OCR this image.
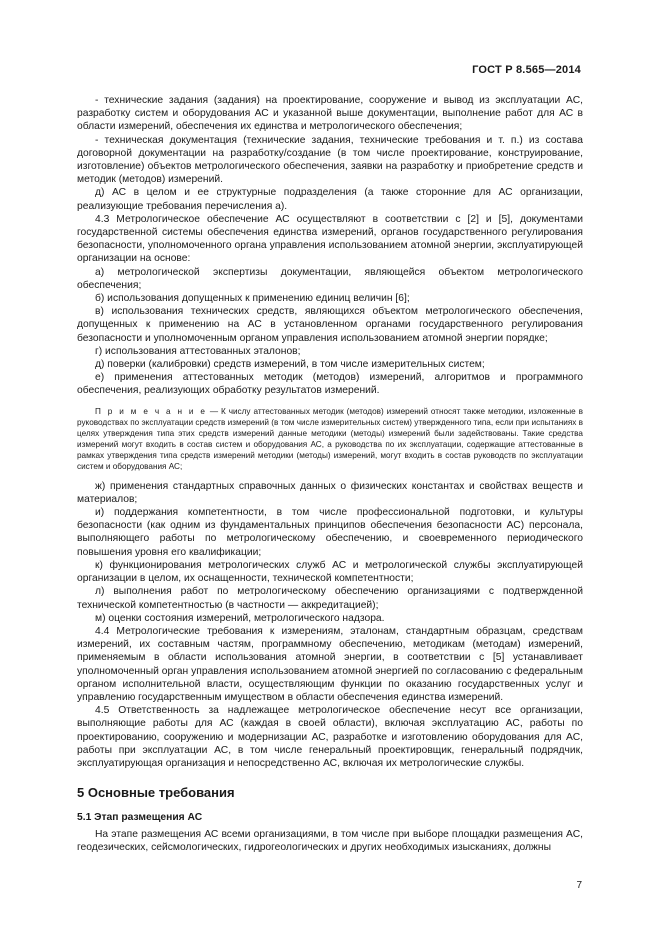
ГОСТ Р 8.565—2014

- технические задания (задания) на проектирование, сооружение и вывод из эксплуатации АС, разработку систем и оборудования АС и указанной выше документации, выполнение работ для АС в области измерений, обеспечения их единства и метрологического обеспечения;

- техническая документация (технические задания, технические требования и т. п.) из состава договорной документации на разработку/создание (в том числе проектирование, конструирование, изготовление) объектов метрологического обеспечения, заявки на разработку и приобретение средств и методик (методов) измерений.

д) АС в целом и ее структурные подразделения (а также сторонние для АС организации, реализующие требования перечисления а).

4.3 Метрологическое обеспечение АС осуществляют в соответствии с [2] и [5], документами государственной системы обеспечения единства измерений, органов государственного регулирования безопасности, уполномоченного органа управления использованием атомной энергии, эксплуатирующей организации на основе:

а) метрологической экспертизы документации, являющейся объектом метрологического обеспечения;

б) использования допущенных к применению единиц величин [6];

в) использования технических средств, являющихся объектом метрологического обеспечения, допущенных к применению на АС в установленном органами государственного регулирования безопасности и уполномоченным органом управления использованием атомной энергии порядке;

г) использования аттестованных эталонов;

д) поверки (калибровки) средств измерений, в том числе измерительных систем;

е) применения аттестованных методик (методов) измерений, алгоритмов и программного обеспечения, реализующих обработку результатов измерений.

П р и м е ч а н и е — К числу аттестованных методик (методов) измерений относят также методики, изложенные в руководствах по эксплуатации средств измерений (в том числе измерительных систем) утвержденного типа, если при испытаниях в целях утверждения типа этих средств измерений данные методики (методы) измерений были задействованы. Такие средства измерений могут входить в состав систем и оборудования АС, а руководства по их эксплуатации, содержащие аттестованные в рамках утверждения типа средств измерений методики (методы) измерений, могут входить в состав руководств по эксплуатации систем и оборудования АС;

ж) применения стандартных справочных данных о физических константах и свойствах веществ и материалов;

и) поддержания компетентности, в том числе профессиональной подготовки, и культуры безопасности (как одним из фундаментальных принципов обеспечения безопасности АС) персонала, выполняющего работы по метрологическому обеспечению, и своевременного периодического повышения уровня его квалификации;

к) функционирования метрологических служб АС и метрологической службы эксплуатирующей организации в целом, их оснащенности, технической компетентности;

л) выполнения работ по метрологическому обеспечению организациями с подтвержденной технической компетентностью (в частности — аккредитацией);

м) оценки состояния измерений, метрологического надзора.

4.4 Метрологические требования к измерениям, эталонам, стандартным образцам, средствам измерений, их составным частям, программному обеспечению, методикам (методам) измерений, применяемым в области использования атомной энергии, в соответствии с [5] устанавливает уполномоченный орган управления использованием атомной энергией по согласованию с федеральным органом исполнительной власти, осуществляющим функции по оказанию государственных услуг и управлению государственным имуществом в области обеспечения единства измерений.

4.5 Ответственность за надлежащее метрологическое обеспечение несут все организации, выполняющие работы для АС (каждая в своей области), включая эксплуатацию АС, работы по проектированию, сооружению и модернизации АС, разработке и изготовлению оборудования для АС, работы при эксплуатации АС, в том числе генеральный проектировщик, генеральный подрядчик, эксплуатирующая организация и непосредственно АС, включая их метрологические службы.

5 Основные требования

5.1 Этап размещения АС

На этапе размещения АС всеми организациями, в том числе при выборе площадки размещения АС, геодезических, сейсмологических, гидрогеологических и других необходимых изысканиях, должны

7
